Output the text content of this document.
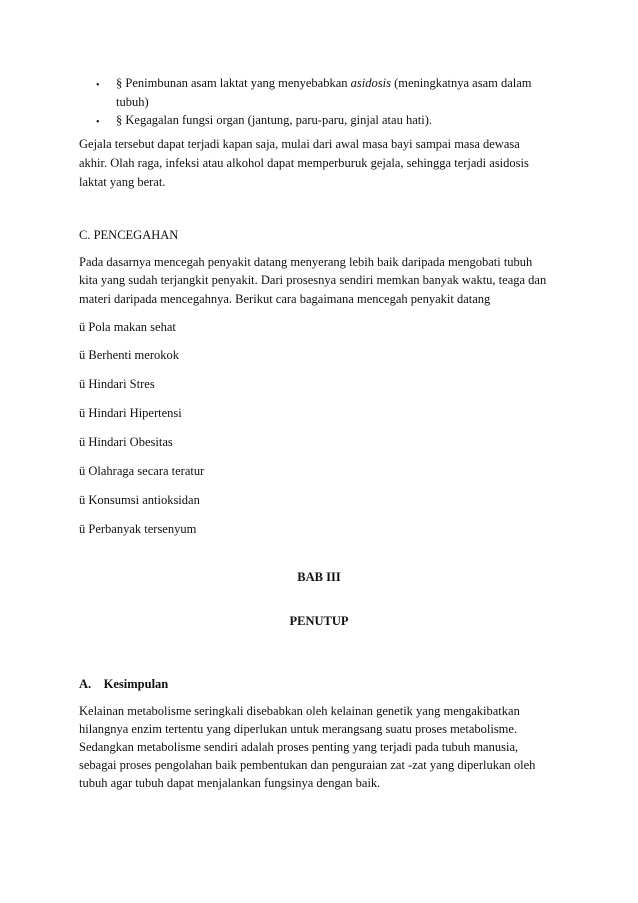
• § Penimbunan asam laktat yang menyebabkan asidosis (meningkatnya asam dalam
tubuh)
• § Kegagalan fungsi organ (jantung, paru-paru, ginjal atau hati).
Gejala tersebut dapat terjadi kapan saja, mulai dari awal masa bayi sampai masa dewasa
akhir. Olah raga, infeksi atau alkohol dapat memperburuk gejala, sehingga terjadi asidosis
laktat yang berat.
C. PENCEGAHAN
Pada dasarnya mencegah penyakit datang menyerang lebih baik daripada mengobati tubuh
kita yang sudah terjangkit penyakit. Dari prosesnya sendiri memkan banyak waktu, teaga dan
materi daripada mencegahnya. Berikut cara bagaimana mencegah penyakit datang
ü Pola makan sehat
ü Berhenti merokok
ü Hindari Stres
ü Hindari Hipertensi
ü Hindari Obesitas
ü Olahraga secara teratur
ü Konsumsi antioksidan
ü Perbanyak tersenyum
BAB III
PENUTUP
A.    Kesimpulan
Kelainan metabolisme seringkali disebabkan oleh kelainan genetik yang mengakibatkan
hilangnya enzim tertentu yang diperlukan untuk merangsang suatu proses metabolisme.
Sedangkan metabolisme sendiri adalah proses penting yang terjadi pada tubuh manusia,
sebagai proses pengolahan baik pembentukan dan penguraian zat -zat yang diperlukan oleh
tubuh agar tubuh dapat menjalankan fungsinya dengan baik.
